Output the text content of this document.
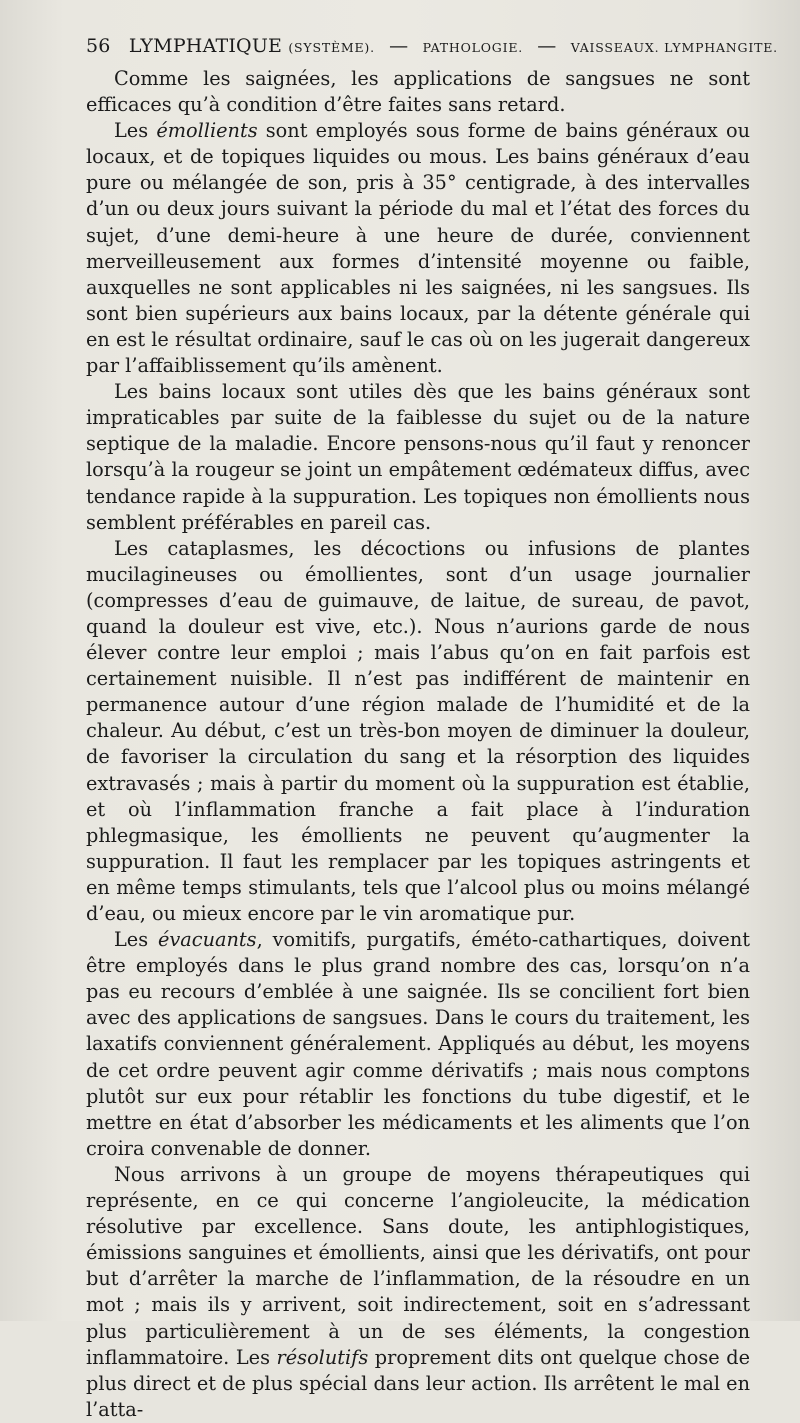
56 LYMPHATIQUE (SYSTÈME). — PATHOLOGIE. — VAISSEAUX. LYMPHANGITE.

Comme les saignées, les applications de sangsues ne sont efficaces qu’à condition d’être faites sans retard.

Les émollients sont employés sous forme de bains généraux ou locaux, et de topiques liquides ou mous. Les bains généraux d’eau pure ou mélangée de son, pris à 35° centigrade, à des intervalles d’un ou deux jours suivant la période du mal et l’état des forces du sujet, d’une demi-heure à une heure de durée, conviennent merveilleusement aux formes d’intensité moyenne ou faible, auxquelles ne sont applicables ni les saignées, ni les sangsues. Ils sont bien supérieurs aux bains locaux, par la détente générale qui en est le résultat ordinaire, sauf le cas où on les jugerait dangereux par l’affaiblissement qu’ils amènent.

Les bains locaux sont utiles dès que les bains généraux sont impraticables par suite de la faiblesse du sujet ou de la nature septique de la maladie. Encore pensons-nous qu’il faut y renoncer lorsqu’à la rougeur se joint un empâtement œdémateux diffus, avec tendance rapide à la suppuration. Les topiques non émollients nous semblent préférables en pareil cas.

Les cataplasmes, les décoctions ou infusions de plantes mucilagineuses ou émollientes, sont d’un usage journalier (compresses d’eau de guimauve, de laitue, de sureau, de pavot, quand la douleur est vive, etc.). Nous n’aurions garde de nous élever contre leur emploi ; mais l’abus qu’on en fait parfois est certainement nuisible. Il n’est pas indifférent de maintenir en permanence autour d’une région malade de l’humidité et de la chaleur. Au début, c’est un très-bon moyen de diminuer la douleur, de favoriser la circulation du sang et la résorption des liquides extravasés ; mais à partir du moment où la suppuration est établie, et où l’inflammation franche a fait place à l’induration phlegmasique, les émollients ne peuvent qu’augmenter la suppuration. Il faut les remplacer par les topiques astringents et en même temps stimulants, tels que l’alcool plus ou moins mélangé d’eau, ou mieux encore par le vin aromatique pur.

Les évacuants, vomitifs, purgatifs, éméto-cathartiques, doivent être employés dans le plus grand nombre des cas, lorsqu’on n’a pas eu recours d’emblée à une saignée. Ils se concilient fort bien avec des applications de sangsues. Dans le cours du traitement, les laxatifs conviennent généralement. Appliqués au début, les moyens de cet ordre peuvent agir comme dérivatifs ; mais nous comptons plutôt sur eux pour rétablir les fonctions du tube digestif, et le mettre en état d’absorber les médicaments et les aliments que l’on croira convenable de donner.

Nous arrivons à un groupe de moyens thérapeutiques qui représente, en ce qui concerne l’angioleucite, la médication résolutive par excellence. Sans doute, les antiphlogistiques, émissions sanguines et émollients, ainsi que les dérivatifs, ont pour but d’arrêter la marche de l’inflammation, de la résoudre en un mot ; mais ils y arrivent, soit indirectement, soit en s’adressant plus particulièrement à un de ses éléments, la congestion inflammatoire. Les résolutifs proprement dits ont quelque chose de plus direct et de plus spécial dans leur action. Ils arrêtent le mal en l’atta-
